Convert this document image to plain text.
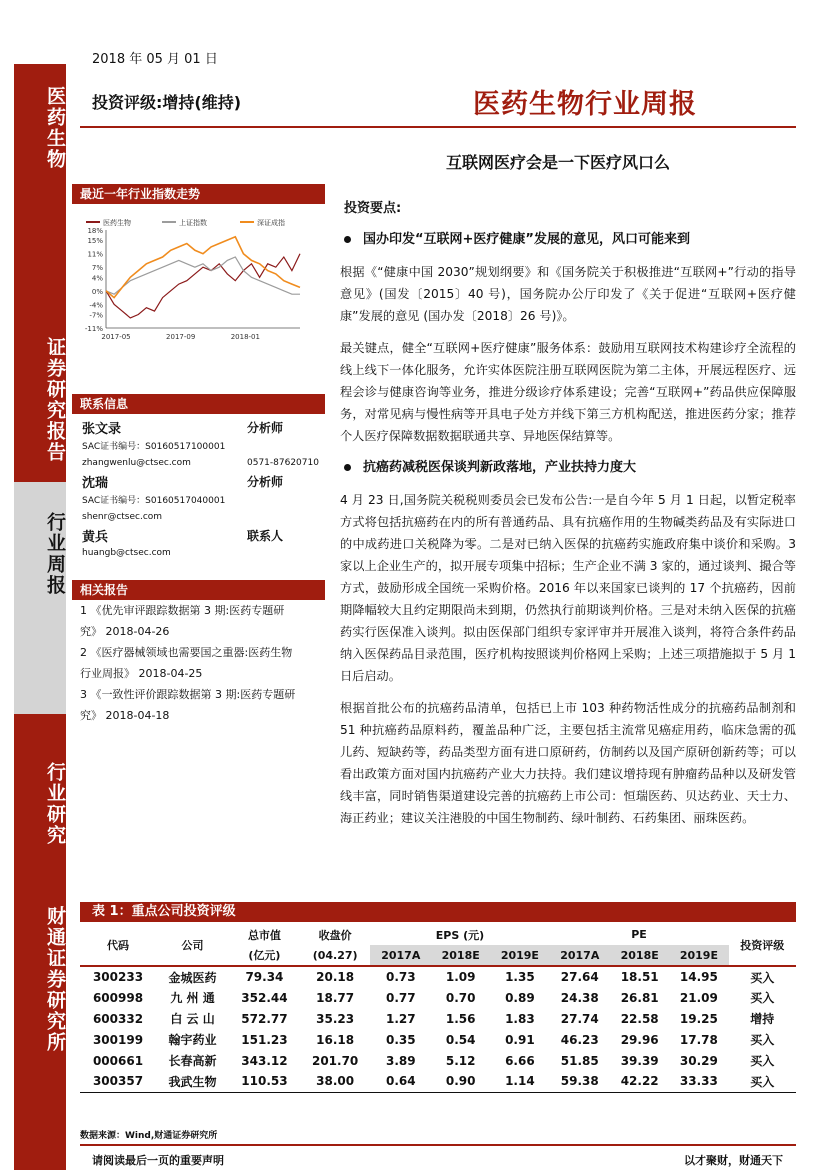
医药生物
证券研究报告
行业周报
行业研究
财通证券研究所
2018 年 05 月 01 日
投资评级:增持(维持)	医药生物行业周报
互联网医疗会是一下医疗风口么
最近一年行业指数走势
18%
15%
11%
7%
4%
0%
-4%
-7%
-11%
2017-05	2017-09	2018-01
医药生物	上证指数	深证成指
联系信息
张文录	分析师
SAC证书编号：S0160517100001
zhangwenlu@ctsec.com	0571-87620710
沈瑞	分析师
SAC证书编号：S0160517040001
shenr@ctsec.com
黄兵	联系人
huangb@ctsec.com
相关报告
1 《优先审评跟踪数据第 3 期:医药专题研
究》 2018-04-26
2 《医疗器械领域也需要国之重器:医药生物
行业周报》 2018-04-25
3 《一致性评价跟踪数据第 3 期:医药专题研
究》 2018-04-18
投资要点:
国办印发“互联网+医疗健康”发展的意见，风口可能来到
根据《“健康中国 2030”规划纲要》和《国务院关于积极推进“互联网+”行动的指导意见》(国发〔2015〕40 号)，国务院办公厅印发了《关于促进“互联网+医疗健康”发展的意见 (国办发〔2018〕26 号)》。
最关键点，健全“互联网+医疗健康”服务体系：鼓励用互联网技术构建诊疗全流程的线上线下一体化服务，允许实体医院注册互联网医院为第二主体，开展远程医疗、远程会诊与健康咨询等业务，推进分级诊疗体系建设；完善“互联网+”药品供应保障服务，对常见病与慢性病等开具电子处方并线下第三方机构配送，推进医药分家；推荐个人医疗保障数据数据联通共享、异地医保结算等。
抗癌药减税医保谈判新政落地，产业扶持力度大
4 月 23 日,国务院关税税则委员会已发布公告:一是自今年 5 月 1 日起，以暂定税率方式将包括抗癌药在内的所有普通药品、具有抗癌作用的生物碱类药品及有实际进口的中成药进口关税降为零。二是对已纳入医保的抗癌药实施政府集中谈价和采购。3 家以上企业生产的，拟开展专项集中招标；生产企业不满 3 家的，通过谈判、撮合等方式，鼓励形成全国统一采购价格。2016 年以来国家已谈判的 17 个抗癌药，因前期降幅较大且约定期限尚未到期，仍然执行前期谈判价格。三是对未纳入医保的抗癌药实行医保准入谈判。拟由医保部门组织专家评审并开展准入谈判，将符合条件药品纳入医保药品目录范围，医疗机构按照谈判价格网上采购；上述三项措施拟于 5 月 1 日后启动。
根据首批公布的抗癌药品清单，包括已上市 103 种药物活性成分的抗癌药品制剂和 51 种抗癌药品原料药，覆盖品种广泛，主要包括主流常见癌症用药，临床急需的孤儿药、短缺药等，药品类型方面有进口原研药，仿制药以及国产原研创新药等；可以看出政策方面对国内抗癌药产业大力扶持。我们建议增持现有肿瘤药品种以及研发管线丰富，同时销售渠道建设完善的抗癌药上市公司：恒瑞医药、贝达药业、天士力、海正药业；建议关注港股的中国生物制药、绿叶制药、石药集团、丽珠医药。
表 1：重点公司投资评级
代码	公司	总市值	收盘价	EPS (元)			PE			投资评级
		(亿元)	(04.27)	2017A	2018E	2019E	2017A	2018E	2019E	
300233	金城医药	79.34	20.18	0.73	1.09	1.35	27.64	18.51	14.95	买入
600998	九 州 通	352.44	18.77	0.77	0.70	0.89	24.38	26.81	21.09	买入
600332	白 云 山	572.77	35.23	1.27	1.56	1.83	27.74	22.58	19.25	增持
300199	翰宇药业	151.23	16.18	0.35	0.54	0.91	46.23	29.96	17.78	买入
000661	长春高新	343.12	201.70	3.89	5.12	6.66	51.85	39.39	30.29	买入
300357	我武生物	110.53	38.00	0.64	0.90	1.14	59.38	42.22	33.33	买入
数据来源：Wind,财通证券研究所
请阅读最后一页的重要声明	以才聚财，财通天下
